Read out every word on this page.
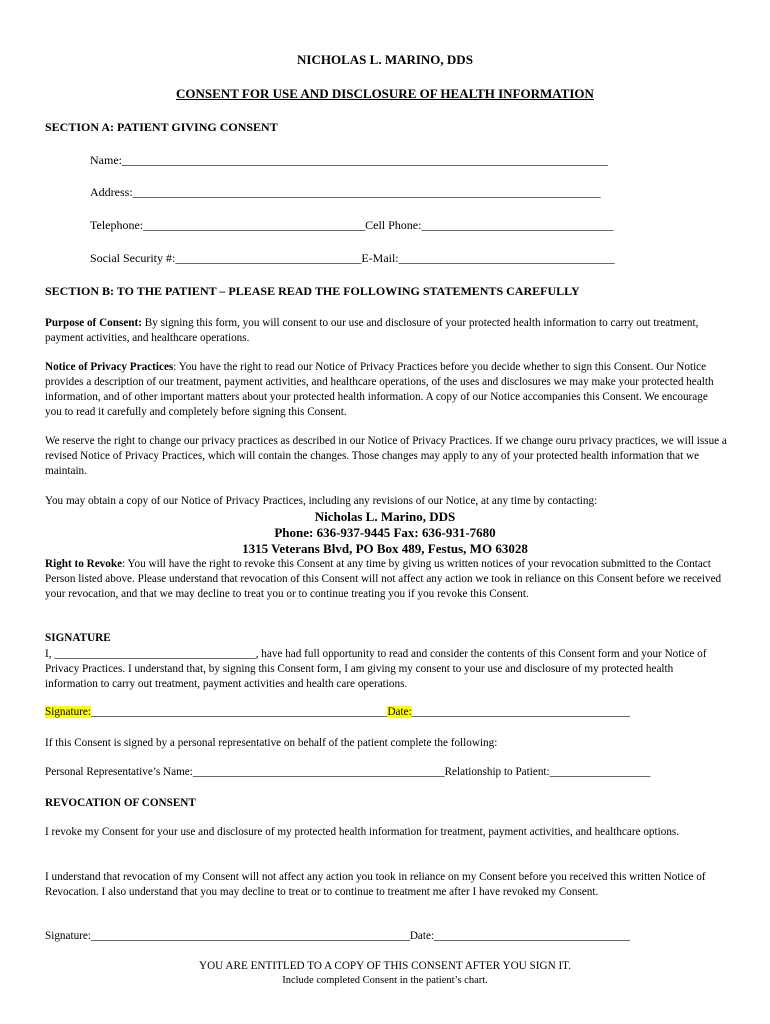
NICHOLAS L. MARINO, DDS
CONSENT FOR USE AND DISCLOSURE OF HEALTH INFORMATION
SECTION A: PATIENT GIVING CONSENT
Name:_________________________________________________________________________________
Address:______________________________________________________________________________
Telephone:_____________________________________Cell Phone:________________________________
Social Security #:_______________________________E-Mail:____________________________________
SECTION B: TO THE PATIENT – PLEASE READ THE FOLLOWING STATEMENTS CAREFULLY
Purpose of Consent: By signing this form, you will consent to our use and disclosure of your protected health information to carry out treatment, payment activities, and healthcare operations.
Notice of Privacy Practices: You have the right to read our Notice of Privacy Practices before you decide whether to sign this Consent. Our Notice provides a description of our treatment, payment activities, and healthcare operations, of the uses and disclosures we may make your protected health information, and of other important matters about your protected health information. A copy of our Notice accompanies this Consent. We encourage you to read it carefully and completely before signing this Consent.
We reserve the right to change our privacy practices as described in our Notice of Privacy Practices. If we change ouru privacy practices, we will issue a revised Notice of Privacy Practices, which will contain the changes. Those changes may apply to any of your protected health information that we maintain.
You may obtain a copy of our Notice of Privacy Practices, including any revisions of our Notice, at any time by contacting:
Nicholas L. Marino, DDS
Phone: 636-937-9445 Fax: 636-931-7680
1315 Veterans Blvd, PO Box 489, Festus, MO 63028
Right to Revoke: You will have the right to revoke this Consent at any time by giving us written notices of your revocation submitted to the Contact Person listed above. Please understand that revocation of this Consent will not affect any action we took in reliance on this Consent before we received your revocation, and that we may decline to treat you or to continue treating you if you revoke this Consent.
SIGNATURE
I, ____________________________________, have had full opportunity to read and consider the contents of this Consent form and your Notice of Privacy Practices. I understand that, by signing this Consent form, I am giving my consent to your use and disclosure of my protected health information to carry out treatment, payment activities and health care operations.
Signature:_____________________________________________________Date:_______________________________________
If this Consent is signed by a personal representative on behalf of the patient complete the following:
Personal Representative’s Name:_____________________________________________Relationship to Patient:__________________
REVOCATION OF CONSENT
I revoke my Consent for your use and disclosure of my protected health information for treatment, payment activities, and healthcare options.
I understand that revocation of my Consent will not affect any action you took in reliance on my Consent before you received this written Notice of Revocation. I also understand that you may decline to treat or to continue to treatment me after I have revoked my Consent.
Signature:_________________________________________________________Date:___________________________________
YOU ARE ENTITLED TO A COPY OF THIS CONSENT AFTER YOU SIGN IT.
Include completed Consent in the patient’s chart.
